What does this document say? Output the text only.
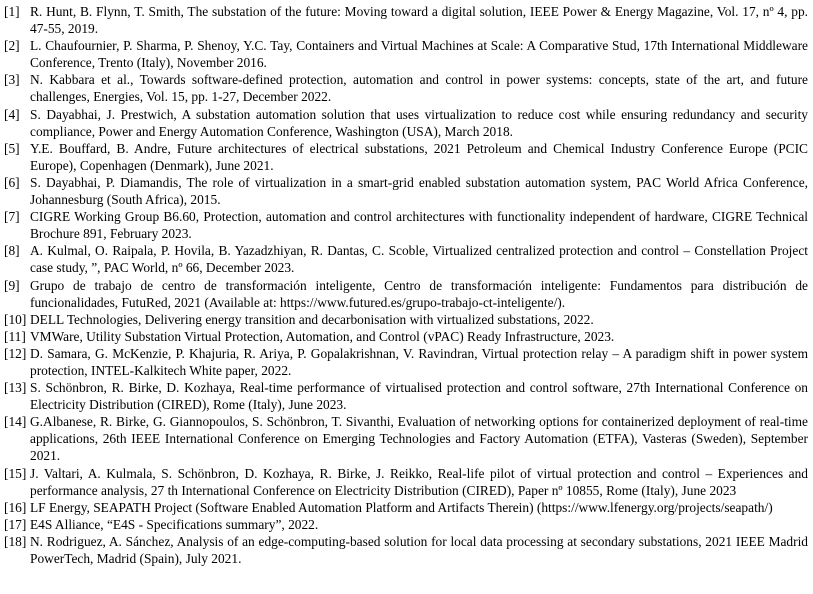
[1] R. Hunt, B. Flynn, T. Smith, The substation of the future: Moving toward a digital solution, IEEE Power & Energy Magazine, Vol. 17, nº 4, pp. 47-55, 2019.
[2] L. Chaufournier, P. Sharma, P. Shenoy, Y.C. Tay, Containers and Virtual Machines at Scale: A Comparative Stud, 17th International Middleware Conference, Trento (Italy), November 2016.
[3] N. Kabbara et al., Towards software-defined protection, automation and control in power systems: concepts, state of the art, and future challenges, Energies, Vol. 15, pp. 1-27, December 2022.
[4] S. Dayabhai, J. Prestwich, A substation automation solution that uses virtualization to reduce cost while ensuring redundancy and security compliance, Power and Energy Automation Conference, Washington (USA), March 2018.
[5] Y.E. Bouffard, B. Andre, Future architectures of electrical substations, 2021 Petroleum and Chemical Industry Conference Europe (PCIC Europe), Copenhagen (Denmark), June 2021.
[6] S. Dayabhai, P. Diamandis, The role of virtualization in a smart-grid enabled substation automation system, PAC World Africa Conference, Johannesburg (South Africa), 2015.
[7] CIGRE Working Group B6.60, Protection, automation and control architectures with functionality independent of hardware, CIGRE Technical Brochure 891, February 2023.
[8] A. Kulmal, O. Raipala, P. Hovila, B. Yazadzhiyan, R. Dantas, C. Scoble, Virtualized centralized protection and control – Constellation Project case study, ”, PAC World, nº 66, December 2023.
[9] Grupo de trabajo de centro de transformación inteligente, Centro de transformación inteligente: Fundamentos para distribución de funcionalidades, FutuRed, 2021 (Available at: https://www.futured.es/grupo-trabajo-ct-inteligente/).
[10] DELL Technologies, Delivering energy transition and decarbonisation with virtualized substations, 2022.
[11] VMWare, Utility Substation Virtual Protection, Automation, and Control (vPAC) Ready Infrastructure, 2023.
[12] D. Samara, G. McKenzie, P. Khajuria, R. Ariya, P. Gopalakrishnan, V. Ravindran, Virtual protection relay – A paradigm shift in power system protection, INTEL-Kalkitech White paper, 2022.
[13] S. Schönbron, R. Birke, D. Kozhaya, Real-time performance of virtualised protection and control software, 27th International Conference on Electricity Distribution (CIRED), Rome (Italy), June 2023.
[14] G.Albanese, R. Birke, G. Giannopoulos, S. Schönbron, T. Sivanthi, Evaluation of networking options for containerized deployment of real-time applications, 26th IEEE International Conference on Emerging Technologies and Factory Automation (ETFA), Vasteras (Sweden), September 2021.
[15] J. Valtari, A. Kulmala, S. Schönbron, D. Kozhaya, R. Birke, J. Reikko, Real-life pilot of virtual protection and control – Experiences and performance analysis, 27 th International Conference on Electricity Distribution (CIRED), Paper nº 10855, Rome (Italy), June 2023
[16] LF Energy, SEAPATH Project (Software Enabled Automation Platform and Artifacts Therein) (https://www.lfenergy.org/projects/seapath/)
[17] E4S Alliance, “E4S - Specifications summary”, 2022.
[18] N. Rodriguez, A. Sánchez, Analysis of an edge-computing-based solution for local data processing at secondary substations, 2021 IEEE Madrid PowerTech, Madrid (Spain), July 2021.
